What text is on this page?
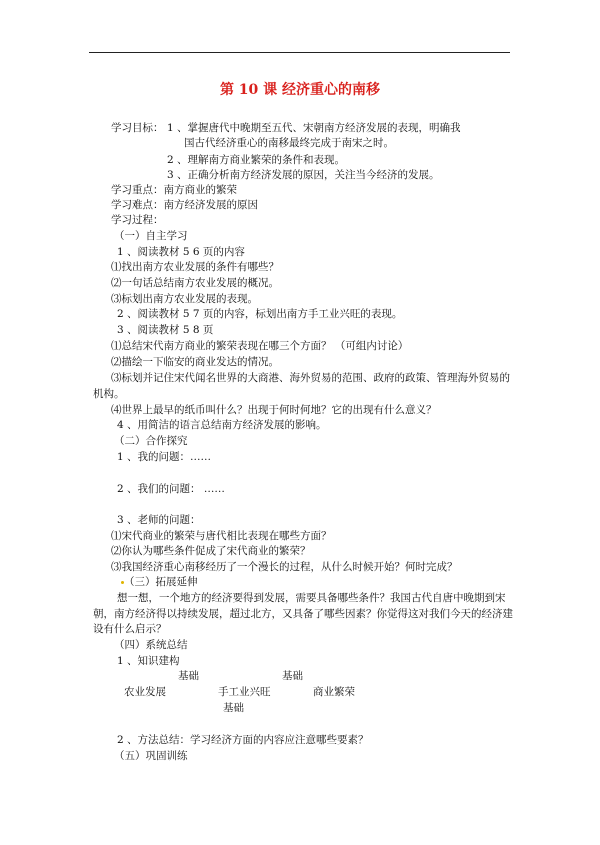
第 10 课 经济重心的南移
学习目标： 1 、掌握唐代中晚期至五代、宋朝南方经济发展的表现，明确我
国古代经济重心的南移最终完成于南宋之时。
2 、理解南方商业繁荣的条件和表现。
3 、正确分析南方经济发展的原因，关注当今经济的发展。
学习重点：南方商业的繁荣
学习难点：南方经济发展的原因
学习过程：
（一）自主学习
1 、阅读教材 5 6 页的内容
⑴找出南方农业发展的条件有哪些？
⑵一句话总结南方农业发展的概况。
⑶标划出南方农业发展的表现。
2 、阅读教材 5 7 页的内容，标划出南方手工业兴旺的表现。
3 、阅读教材 5 8 页
⑴总结宋代南方商业的繁荣表现在哪三个方面？ （可组内讨论）
⑵描绘一下临安的商业发达的情况。
⑶标划并记住宋代闻名世界的大商港、海外贸易的范围、政府的政策、管理海外贸易的
机构。
⑷世界上最早的纸币叫什么？出现于何时何地？它的出现有什么意义？
4 、用简洁的语言总结南方经济发展的影响。
（二）合作探究
1 、我的问题：……
2 、我们的问题： ……
3 、老师的问题：
⑴宋代商业的繁荣与唐代相比表现在哪些方面？
⑵你认为哪些条件促成了宋代商业的繁荣？
⑶我国经济重心南移经历了一个漫长的过程，从什么时候开始？何时完成？
（三）拓展延伸
想一想，一个地方的经济要得到发展，需要具备哪些条件？我国古代自唐中晚期到宋
朝，南方经济得以持续发展，超过北方，又具备了哪些因素？你觉得这对我们今天的经济建
设有什么启示？
（四）系统总结
1 、知识建构
基础	基础
农业发展	手工业兴旺	商业繁荣
基础
2 、方法总结：学习经济方面的内容应注意哪些要素？
（五）巩固训练
